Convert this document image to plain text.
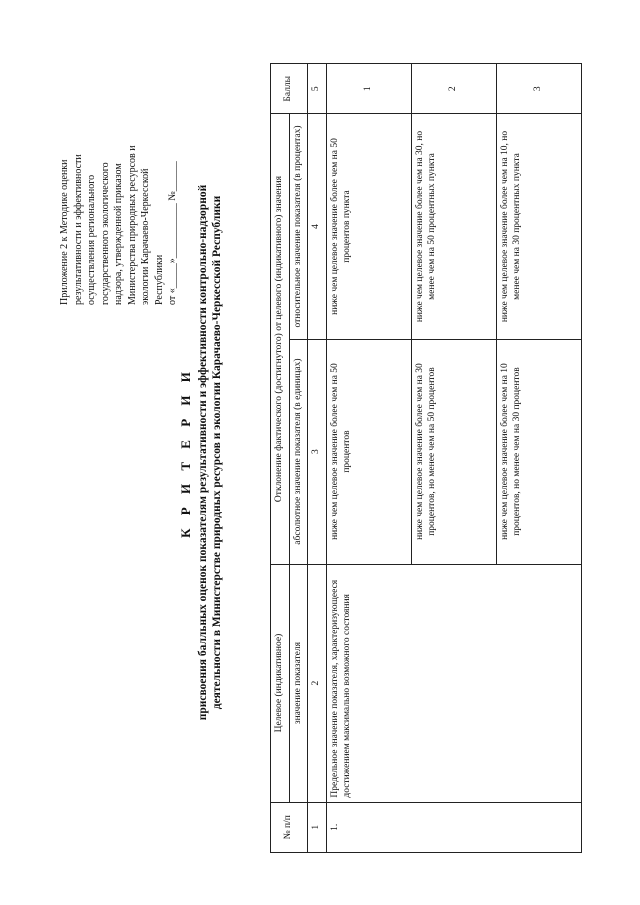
Приложение 2 к Методике оценки результативности и эффективности осуществления регионального государственного экологического надзора, утвержденной приказом Министерства природных ресурсов и экологии Карачаево-Черкесской Республики от «_____»___________ №______
К Р И Т Е Р И И присвоения балльных оценок показателям результативности и эффективности контрольно-надзорной деятельности в Министерстве природных ресурсов и экологии Карачаево-Черкесской Республики
№ п/п	Целевое (индикативное)	Отклонение фактического (достигнутого) от целевого (индикативного) значения		Баллы
	значение показателя	абсолютное значение показателя (в единицах)	относительное значение показателя (в процентах)	
1	2	3	4	5
1.	Предельное значение показателя, характеризующееся достижением максимально возможного состояния	ниже чем целевое значение более чем на 50 процентов	ниже чем целевое значение более чем на 50 процентов пункта	1
		ниже чем целевое значение более чем на 30 процентов, но менее чем на 50 процентов	ниже чем целевое значение более чем на 30, но менее чем на 50 процентных пункта	2
		ниже чем целевое значение более чем на 10 процентов, но менее чем на 30 процентов	ниже чем целевое значение более чем на 10, но менее чем на 30 процентных пункта	3
